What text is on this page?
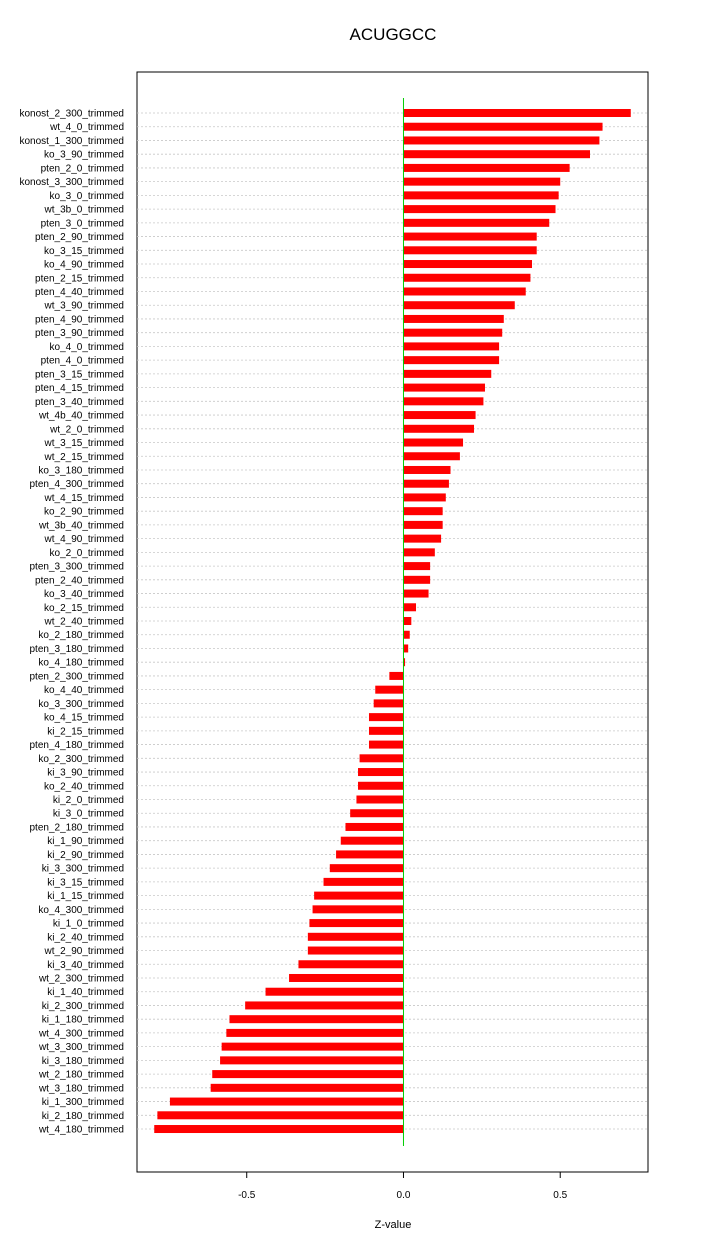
ACUGGCC
konost_2_300_trimmed
wt_4_0_trimmed
konost_1_300_trimmed
ko_3_90_trimmed
pten_2_0_trimmed
konost_3_300_trimmed
ko_3_0_trimmed
wt_3b_0_trimmed
pten_3_0_trimmed
pten_2_90_trimmed
ko_3_15_trimmed
ko_4_90_trimmed
pten_2_15_trimmed
pten_4_40_trimmed
wt_3_90_trimmed
pten_4_90_trimmed
pten_3_90_trimmed
ko_4_0_trimmed
pten_4_0_trimmed
pten_3_15_trimmed
pten_4_15_trimmed
pten_3_40_trimmed
wt_4b_40_trimmed
wt_2_0_trimmed
wt_3_15_trimmed
wt_2_15_trimmed
ko_3_180_trimmed
pten_4_300_trimmed
wt_4_15_trimmed
ko_2_90_trimmed
wt_3b_40_trimmed
wt_4_90_trimmed
ko_2_0_trimmed
pten_3_300_trimmed
pten_2_40_trimmed
ko_3_40_trimmed
ko_2_15_trimmed
wt_2_40_trimmed
ko_2_180_trimmed
pten_3_180_trimmed
ko_4_180_trimmed
pten_2_300_trimmed
ko_4_40_trimmed
ko_3_300_trimmed
ko_4_15_trimmed
ki_2_15_trimmed
pten_4_180_trimmed
ko_2_300_trimmed
ki_3_90_trimmed
ko_2_40_trimmed
ki_2_0_trimmed
ki_3_0_trimmed
pten_2_180_trimmed
ki_1_90_trimmed
ki_2_90_trimmed
ki_3_300_trimmed
ki_3_15_trimmed
ki_1_15_trimmed
ko_4_300_trimmed
ki_1_0_trimmed
ki_2_40_trimmed
wt_2_90_trimmed
ki_3_40_trimmed
wt_2_300_trimmed
ki_1_40_trimmed
ki_2_300_trimmed
ki_1_180_trimmed
wt_4_300_trimmed
wt_3_300_trimmed
ki_3_180_trimmed
wt_2_180_trimmed
wt_3_180_trimmed
ki_1_300_trimmed
ki_2_180_trimmed
wt_4_180_trimmed
-0.5	0.0	0.5
Z-value
